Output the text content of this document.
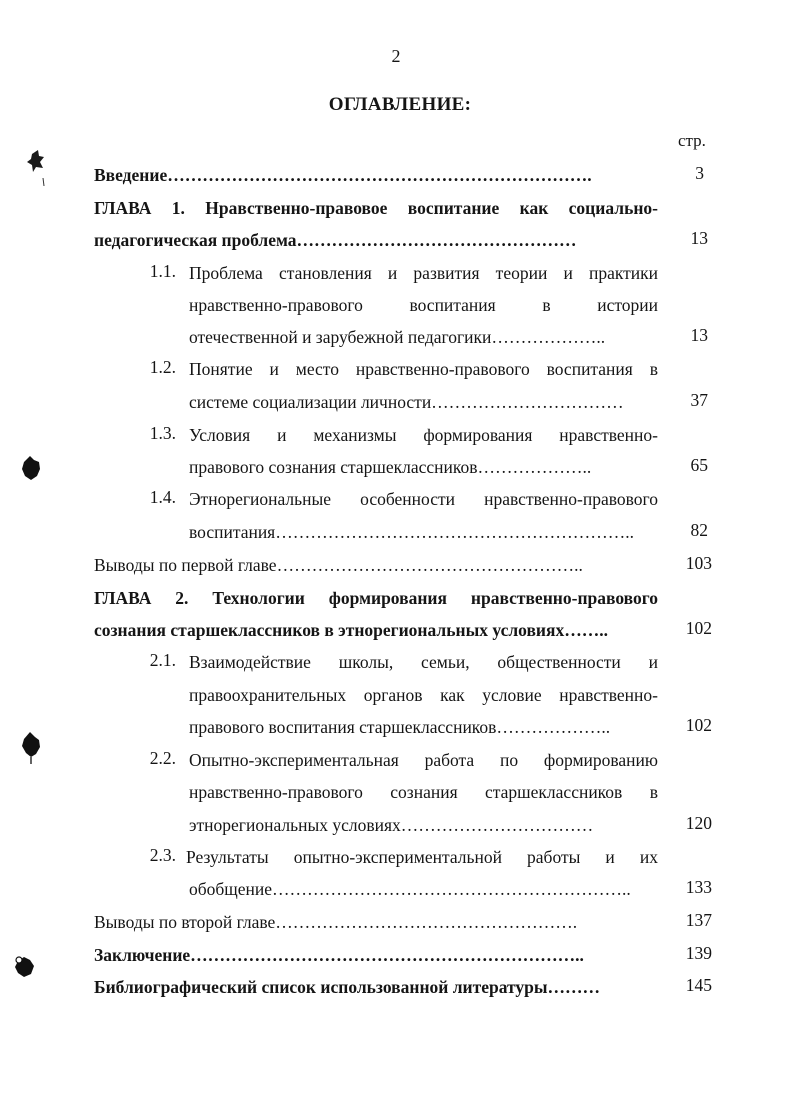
2
ОГЛАВЛЕНИЕ:
стр.
Введение……………………………………………………………….	3
ГЛАВА 1. Нравственно-правовое воспитание как социально-
педагогическая проблема…………………………………………	13
1.1. Проблема становления и развития теории и практики
нравственно-правового воспитания в истории
отечественной и зарубежной педагогики………………..	13
1.2. Понятие и место нравственно-правового воспитания в
системе социализации личности……………………………	37
1.3. Условия и механизмы формирования нравственно-
правового сознания старшеклассников………………..	65
1.4. Этнорегиональные особенности нравственно-правового
воспитания……………………………………………………..	82
Выводы по первой главе……………………………………………..	103
ГЛАВА 2. Технологии формирования нравственно-правового
сознания старшеклассников в этнорегиональных условиях……..	102
2.1. Взаимодействие школы, семьи, общественности и
правоохранительных органов как условие нравственно-
правового воспитания старшеклассников………………..	102
2.2. Опытно-экспериментальная работа по формированию
нравственно-правового сознания старшеклассников в
этнорегиональных условиях……………………………	120
2.3. Результаты опытно-экспериментальной работы и их
обобщение……………………………………………………..	133
Выводы по второй главе…………………………………………….	137
Заключение…………………………………………………………..	139
Библиографический список использованной литературы………	145
